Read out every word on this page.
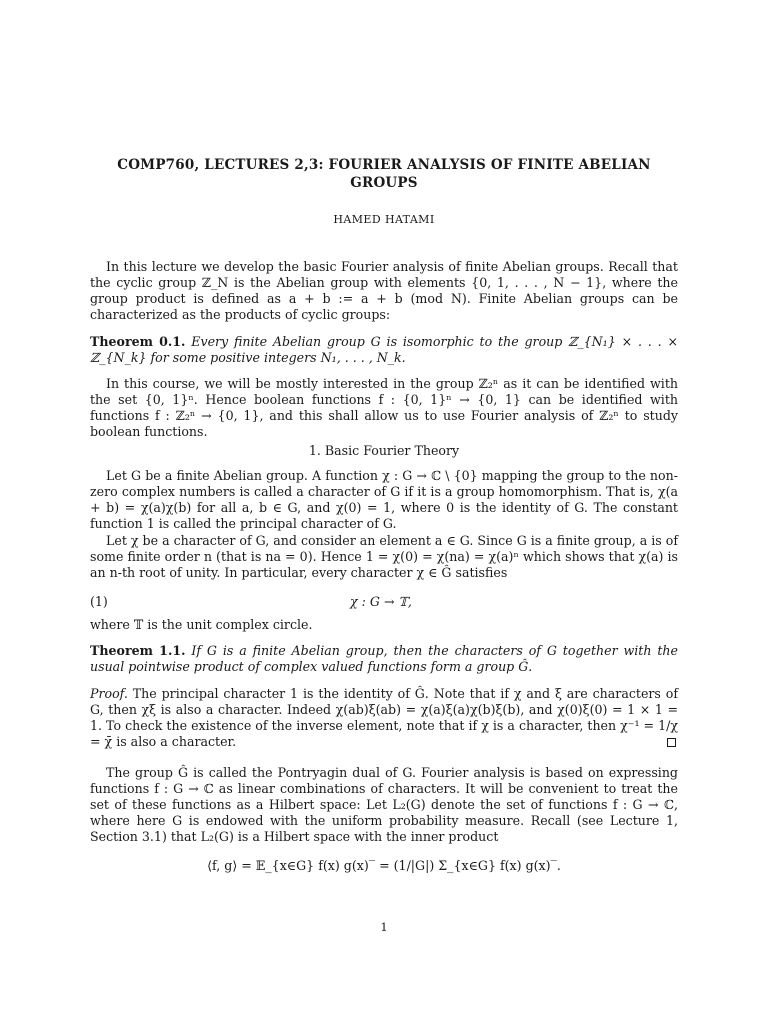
COMP760, LECTURES 2,3: FOURIER ANALYSIS OF FINITE ABELIAN GROUPS
HAMED HATAMI

In this lecture we develop the basic Fourier analysis of finite Abelian groups. Recall that the cyclic group ℤ_N is the Abelian group with elements {0, 1, . . . , N − 1}, where the group product is defined as a + b := a + b (mod N). Finite Abelian groups can be characterized as the products of cyclic groups:

Theorem 0.1. Every finite Abelian group G is isomorphic to the group ℤ_{N₁} × . . . × ℤ_{N_k} for some positive integers N₁, . . . , N_k.

In this course, we will be mostly interested in the group ℤ₂ⁿ as it can be identified with the set {0, 1}ⁿ. Hence boolean functions f : {0, 1}ⁿ → {0, 1} can be identified with functions f : ℤ₂ⁿ → {0, 1}, and this shall allow us to use Fourier analysis of ℤ₂ⁿ to study boolean functions.

1. Basic Fourier Theory

Let G be a finite Abelian group. A function χ : G → ℂ \ {0} mapping the group to the non-zero complex numbers is called a character of G if it is a group homomorphism. That is, χ(a + b) = χ(a)χ(b) for all a, b ∈ G, and χ(0) = 1, where 0 is the identity of G. The constant function 1 is called the principal character of G.

Let χ be a character of G, and consider an element a ∈ G. Since G is a finite group, a is of some finite order n (that is na = 0). Hence 1 = χ(0) = χ(na) = χ(a)ⁿ which shows that χ(a) is an n-th root of unity. In particular, every character χ ∈ Ĝ satisfies

(1)	χ : G → 𝕋,

where 𝕋 is the unit complex circle.

Theorem 1.1. If G is a finite Abelian group, then the characters of G together with the usual pointwise product of complex valued functions form a group Ĝ.

Proof. The principal character 1 is the identity of Ĝ. Note that if χ and ξ are characters of G, then χξ is also a character. Indeed χ(ab)ξ(ab) = χ(a)ξ(a)χ(b)ξ(b), and χ(0)ξ(0) = 1 × 1 = 1. To check the existence of the inverse element, note that if χ is a character, then χ⁻¹ = 1/χ = χ̄ is also a character.

The group Ĝ is called the Pontryagin dual of G. Fourier analysis is based on expressing functions f : G → ℂ as linear combinations of characters. It will be convenient to treat the set of these functions as a Hilbert space: Let L₂(G) denote the set of functions f : G → ℂ, where here G is endowed with the uniform probability measure. Recall (see Lecture 1, Section 3.1) that L₂(G) is a Hilbert space with the inner product

⟨f, g⟩ = 𝔼_{x∈G} f(x) g(x)‾ = (1/|G|) Σ_{x∈G} f(x) g(x)‾.
1
